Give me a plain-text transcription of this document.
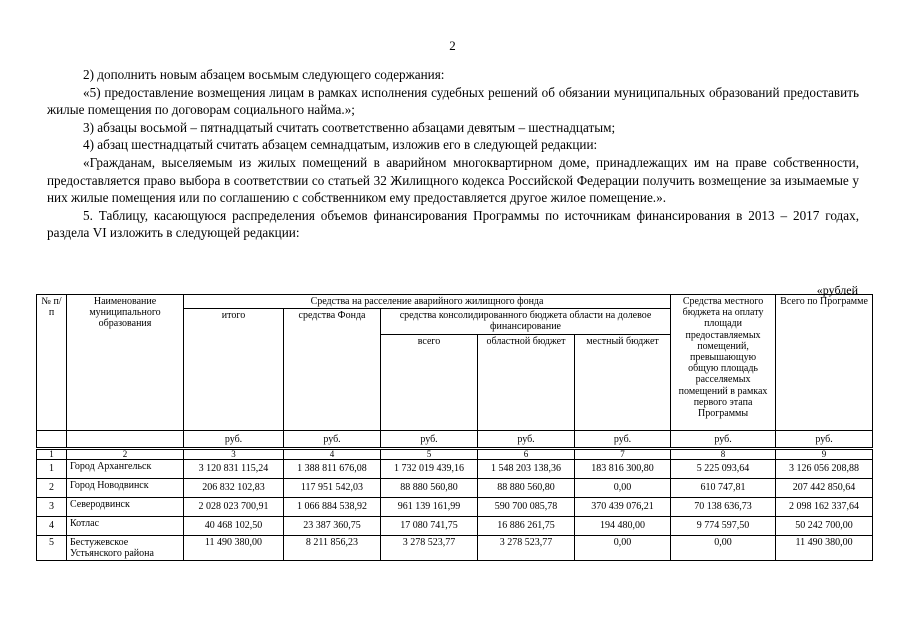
2

2) дополнить новым абзацем восьмым следующего содержания:

«5) предоставление возмещения лицам в рамках исполнения судебных решений об обязании муниципальных образований предоставить жилые помещения по договорам социального найма.»;

3) абзацы восьмой – пятнадцатый считать соответственно абзацами девятым – шестнадцатым;

4) абзац шестнадцатый считать абзацем семнадцатым, изложив его в следующей редакции:

«Гражданам, выселяемым из жилых помещений в аварийном многоквартирном доме, принадлежащих им на праве собственности, предоставляется право выбора в соответствии со статьей 32 Жилищного кодекса Российской Федерации получить возмещение за изымаемые у них жилые помещения или по соглашению с собственником ему предоставляется другое жилое помещение.».

5. Таблицу, касающуюся распределения объемов финансирования Программы по источникам финансирования в 2013 – 2017 годах, раздела VI изложить в следующей редакции:

«рублей
№ п/п	Наименование муниципального образования	Средства на расселение аварийного жилищного фонда					Средства местного бюджета на оплату площади предоставляемых помещений, превышающую общую площадь расселяемых помещений в рамках первого этапа Программы	Всего по Программе
		итого	средства Фонда	средства консолидированного бюджета области на долевое финансирование				
				всего	областной бюджет	местный бюджет		
		руб.	руб.	руб.	руб.	руб.	руб.	руб.
1	2	3	4	5	6	7	8	9
1	Город Архангельск	3 120 831 115,24	1 388 811 676,08	1 732 019 439,16	1 548 203 138,36	183 816 300,80	5 225 093,64	3 126 056 208,88
2	Город Новодвинск	206 832 102,83	117 951 542,03	88 880 560,80	88 880 560,80	0,00	610 747,81	207 442 850,64
3	Северодвинск	2 028 023 700,91	1 066 884 538,92	961 139 161,99	590 700 085,78	370 439 076,21	70 138 636,73	2 098 162 337,64
4	Котлас	40 468 102,50	23 387 360,75	17 080 741,75	16 886 261,75	194 480,00	9 774 597,50	50 242 700,00
5	Бестужевское Устьянского района	11 490 380,00	8 211 856,23	3 278 523,77	3 278 523,77	0,00	0,00	11 490 380,00
